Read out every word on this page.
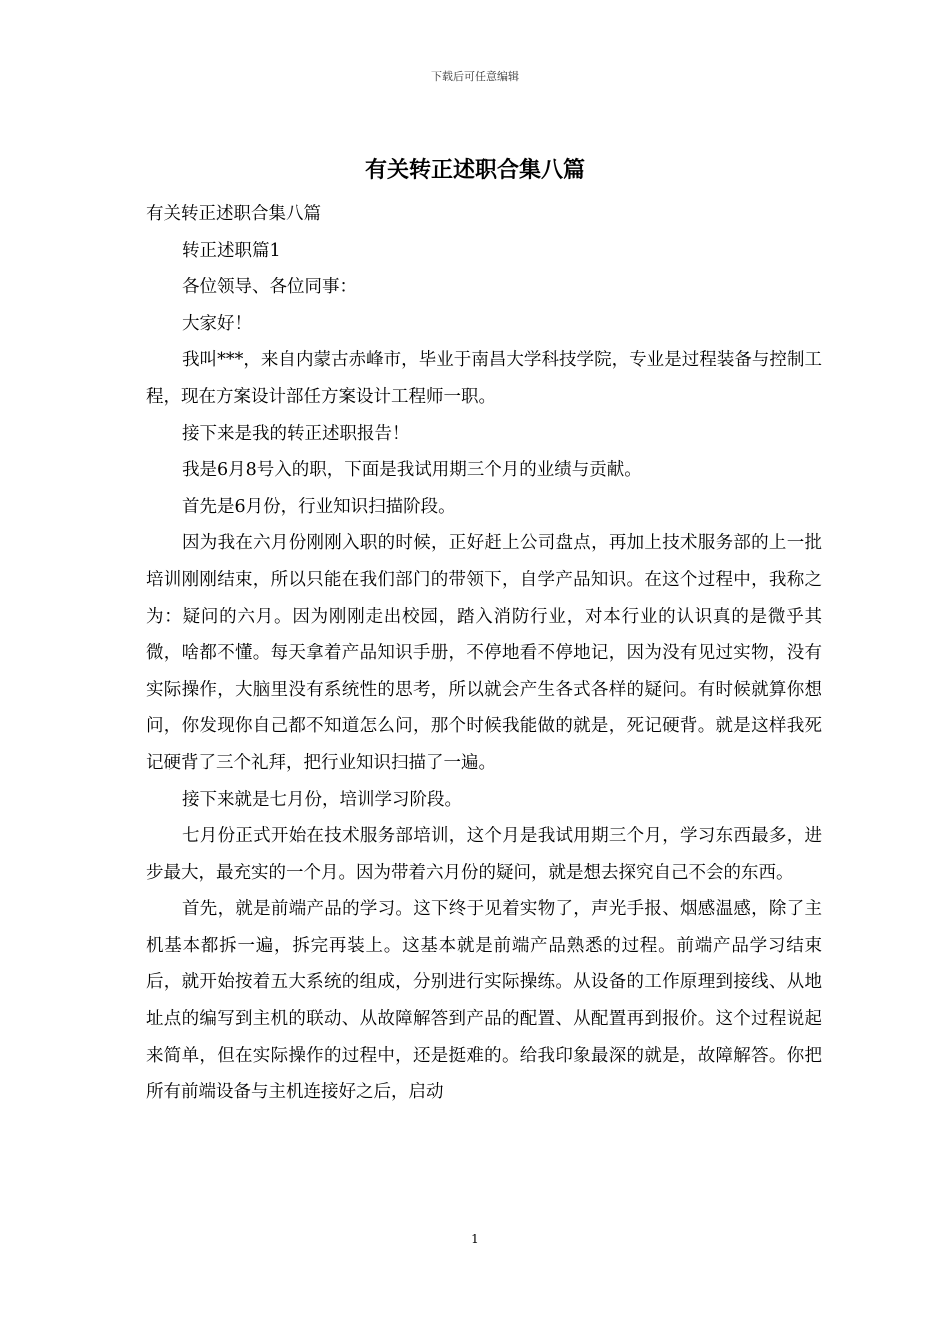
下载后可任意编辑
有关转正述职合集八篇

有关转正述职合集八篇

转正述职篇1

各位领导、各位同事：

大家好！

我叫***，来自内蒙古赤峰市，毕业于南昌大学科技学院，专业是过程装备与控制工程，现在方案设计部任方案设计工程师一职。

接下来是我的转正述职报告！

我是6月8号入的职，下面是我试用期三个月的业绩与贡献。

首先是6月份，行业知识扫描阶段。

因为我在六月份刚刚入职的时候，正好赶上公司盘点，再加上技术服务部的上一批培训刚刚结束，所以只能在我们部门的带领下，自学产品知识。在这个过程中，我称之为：疑问的六月。因为刚刚走出校园，踏入消防行业，对本行业的认识真的是微乎其微，啥都不懂。每天拿着产品知识手册，不停地看不停地记，因为没有见过实物，没有实际操作，大脑里没有系统性的思考，所以就会产生各式各样的疑问。有时候就算你想问，你发现你自己都不知道怎么问，那个时候我能做的就是，死记硬背。就是这样我死记硬背了三个礼拜，把行业知识扫描了一遍。

接下来就是七月份，培训学习阶段。

七月份正式开始在技术服务部培训，这个月是我试用期三个月，学习东西最多，进步最大，最充实的一个月。因为带着六月份的疑问，就是想去探究自己不会的东西。

首先，就是前端产品的学习。这下终于见着实物了，声光手报、烟感温感，除了主机基本都拆一遍，拆完再装上。这基本就是前端产品熟悉的过程。前端产品学习结束后，就开始按着五大系统的组成，分别进行实际操练。从设备的工作原理到接线、从地址点的编写到主机的联动、从故障解答到产品的配置、从配置再到报价。这个过程说起来简单，但在实际操作的过程中，还是挺难的。给我印象最深的就是，故障解答。你把所有前端设备与主机连接好之后，启动

1
